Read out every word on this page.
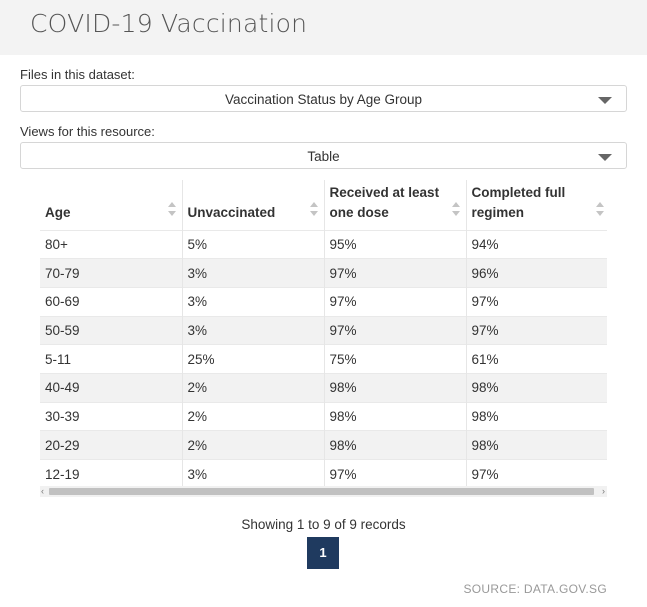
COVID-19 Vaccination
Files in this dataset:
Vaccination Status by Age Group
Views for this resource:
Table
Age	Unvaccinated	Received at least one dose	Completed full regimen

80+	5%	95%	94%
70-79	3%	97%	96%
60-69	3%	97%	97%
50-59	3%	97%	97%
5-11	25%	75%	61%
40-49	2%	98%	98%
30-39	2%	98%	98%
20-29	2%	98%	98%
12-19	3%	97%	97%
‹	›
Showing 1 to 9 of 9 records
1
SOURCE: DATA.GOV.SG
